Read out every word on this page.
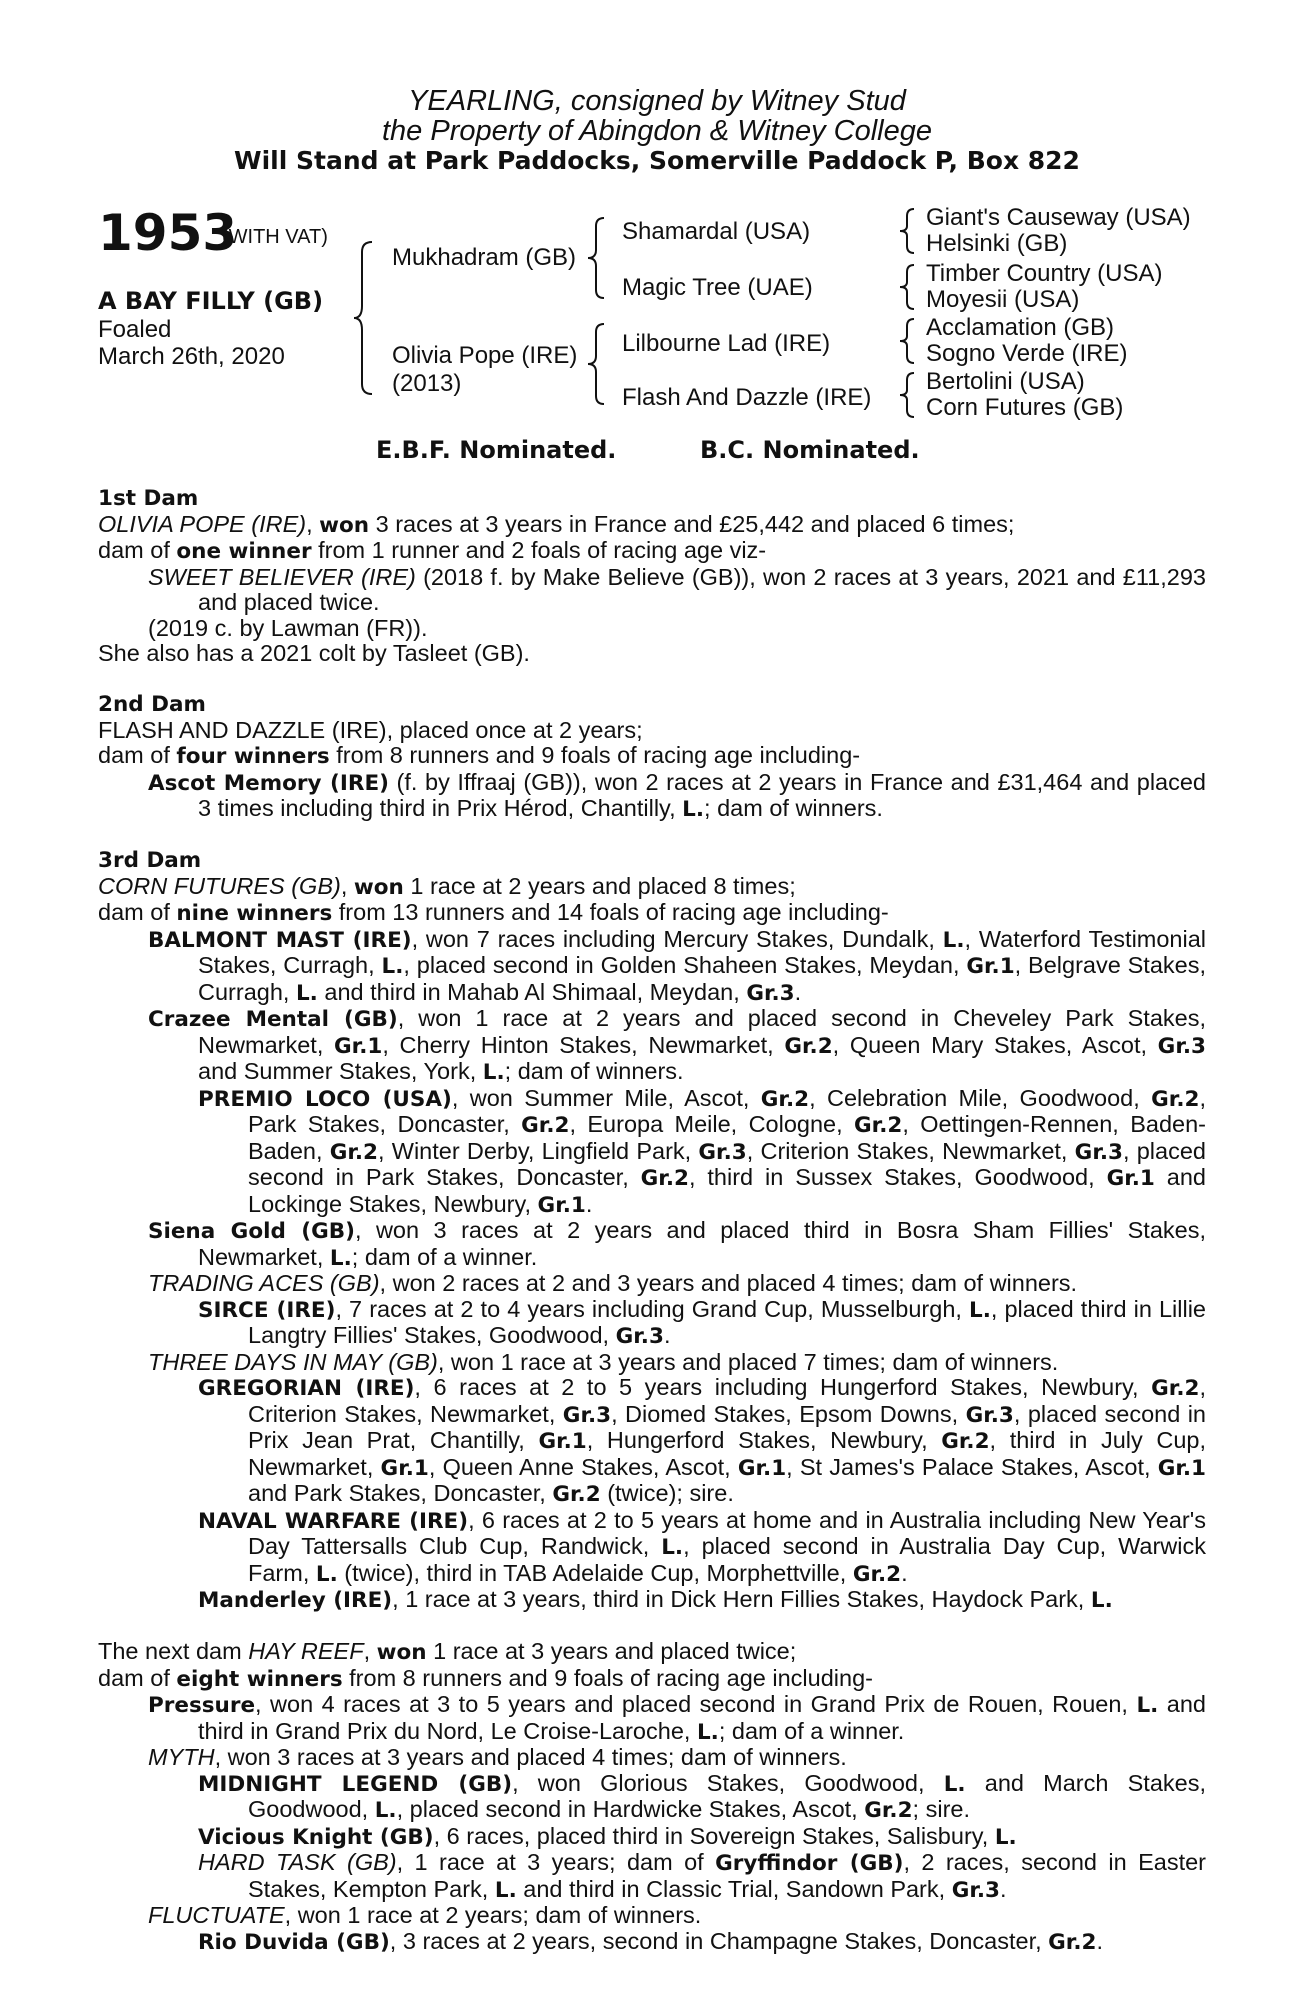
YEARLING, consigned by Witney Stud
the Property of Abingdon & Witney College
Will Stand at Park Paddocks, Somerville Paddock P, Box 822
1953
(WITH VAT)
A BAY FILLY (GB)
Foaled
March 26th, 2020
Mukhadram (GB)
Olivia Pope (IRE)
(2013)
Shamardal (USA)
Magic Tree (UAE)
Lilbourne Lad (IRE)
Flash And Dazzle (IRE)
Giant's Causeway (USA)
Helsinki (GB)
Timber Country (USA)
Moyesii (USA)
Acclamation (GB)
Sogno Verde (IRE)
Bertolini (USA)
Corn Futures (GB)
E.B.F. Nominated.	B.C. Nominated.
1st Dam
OLIVIA POPE (IRE), won 3 races at 3 years in France and £25,442 and placed 6 times;
dam of one winner from 1 runner and 2 foals of racing age viz-
SWEET BELIEVER (IRE) (2018 f. by Make Believe (GB)), won 2 races at 3 years, 2021 and £11,293 and placed twice.
(2019 c. by Lawman (FR)).
She also has a 2021 colt by Tasleet (GB).
2nd Dam
FLASH AND DAZZLE (IRE), placed once at 2 years;
dam of four winners from 8 runners and 9 foals of racing age including-
Ascot Memory (IRE) (f. by Iffraaj (GB)), won 2 races at 2 years in France and £31,464 and placed 3 times including third in Prix Hérod, Chantilly, L.; dam of winners.
3rd Dam
CORN FUTURES (GB), won 1 race at 2 years and placed 8 times;
dam of nine winners from 13 runners and 14 foals of racing age including-
BALMONT MAST (IRE), won 7 races including Mercury Stakes, Dundalk, L., Waterford Testimonial Stakes, Curragh, L., placed second in Golden Shaheen Stakes, Meydan, Gr.1, Belgrave Stakes, Curragh, L. and third in Mahab Al Shimaal, Meydan, Gr.3.
Crazee Mental (GB), won 1 race at 2 years and placed second in Cheveley Park Stakes, Newmarket, Gr.1, Cherry Hinton Stakes, Newmarket, Gr.2, Queen Mary Stakes, Ascot, Gr.3 and Summer Stakes, York, L.; dam of winners.
PREMIO LOCO (USA), won Summer Mile, Ascot, Gr.2, Celebration Mile, Goodwood, Gr.2, Park Stakes, Doncaster, Gr.2, Europa Meile, Cologne, Gr.2, Oettingen-Rennen, Baden-Baden, Gr.2, Winter Derby, Lingfield Park, Gr.3, Criterion Stakes, Newmarket, Gr.3, placed second in Park Stakes, Doncaster, Gr.2, third in Sussex Stakes, Goodwood, Gr.1 and Lockinge Stakes, Newbury, Gr.1.
Siena Gold (GB), won 3 races at 2 years and placed third in Bosra Sham Fillies' Stakes, Newmarket, L.; dam of a winner.
TRADING ACES (GB), won 2 races at 2 and 3 years and placed 4 times; dam of winners.
SIRCE (IRE), 7 races at 2 to 4 years including Grand Cup, Musselburgh, L., placed third in Lillie Langtry Fillies' Stakes, Goodwood, Gr.3.
THREE DAYS IN MAY (GB), won 1 race at 3 years and placed 7 times; dam of winners.
GREGORIAN (IRE), 6 races at 2 to 5 years including Hungerford Stakes, Newbury, Gr.2, Criterion Stakes, Newmarket, Gr.3, Diomed Stakes, Epsom Downs, Gr.3, placed second in Prix Jean Prat, Chantilly, Gr.1, Hungerford Stakes, Newbury, Gr.2, third in July Cup, Newmarket, Gr.1, Queen Anne Stakes, Ascot, Gr.1, St James's Palace Stakes, Ascot, Gr.1 and Park Stakes, Doncaster, Gr.2 (twice); sire.
NAVAL WARFARE (IRE), 6 races at 2 to 5 years at home and in Australia including New Year's Day Tattersalls Club Cup, Randwick, L., placed second in Australia Day Cup, Warwick Farm, L. (twice), third in TAB Adelaide Cup, Morphettville, Gr.2.
Manderley (IRE), 1 race at 3 years, third in Dick Hern Fillies Stakes, Haydock Park, L.
The next dam HAY REEF, won 1 race at 3 years and placed twice;
dam of eight winners from 8 runners and 9 foals of racing age including-
Pressure, won 4 races at 3 to 5 years and placed second in Grand Prix de Rouen, Rouen, L. and third in Grand Prix du Nord, Le Croise-Laroche, L.; dam of a winner.
MYTH, won 3 races at 3 years and placed 4 times; dam of winners.
MIDNIGHT LEGEND (GB), won Glorious Stakes, Goodwood, L. and March Stakes, Goodwood, L., placed second in Hardwicke Stakes, Ascot, Gr.2; sire.
Vicious Knight (GB), 6 races, placed third in Sovereign Stakes, Salisbury, L.
HARD TASK (GB), 1 race at 3 years; dam of Gryffindor (GB), 2 races, second in Easter Stakes, Kempton Park, L. and third in Classic Trial, Sandown Park, Gr.3.
FLUCTUATE, won 1 race at 2 years; dam of winners.
Rio Duvida (GB), 3 races at 2 years, second in Champagne Stakes, Doncaster, Gr.2.
